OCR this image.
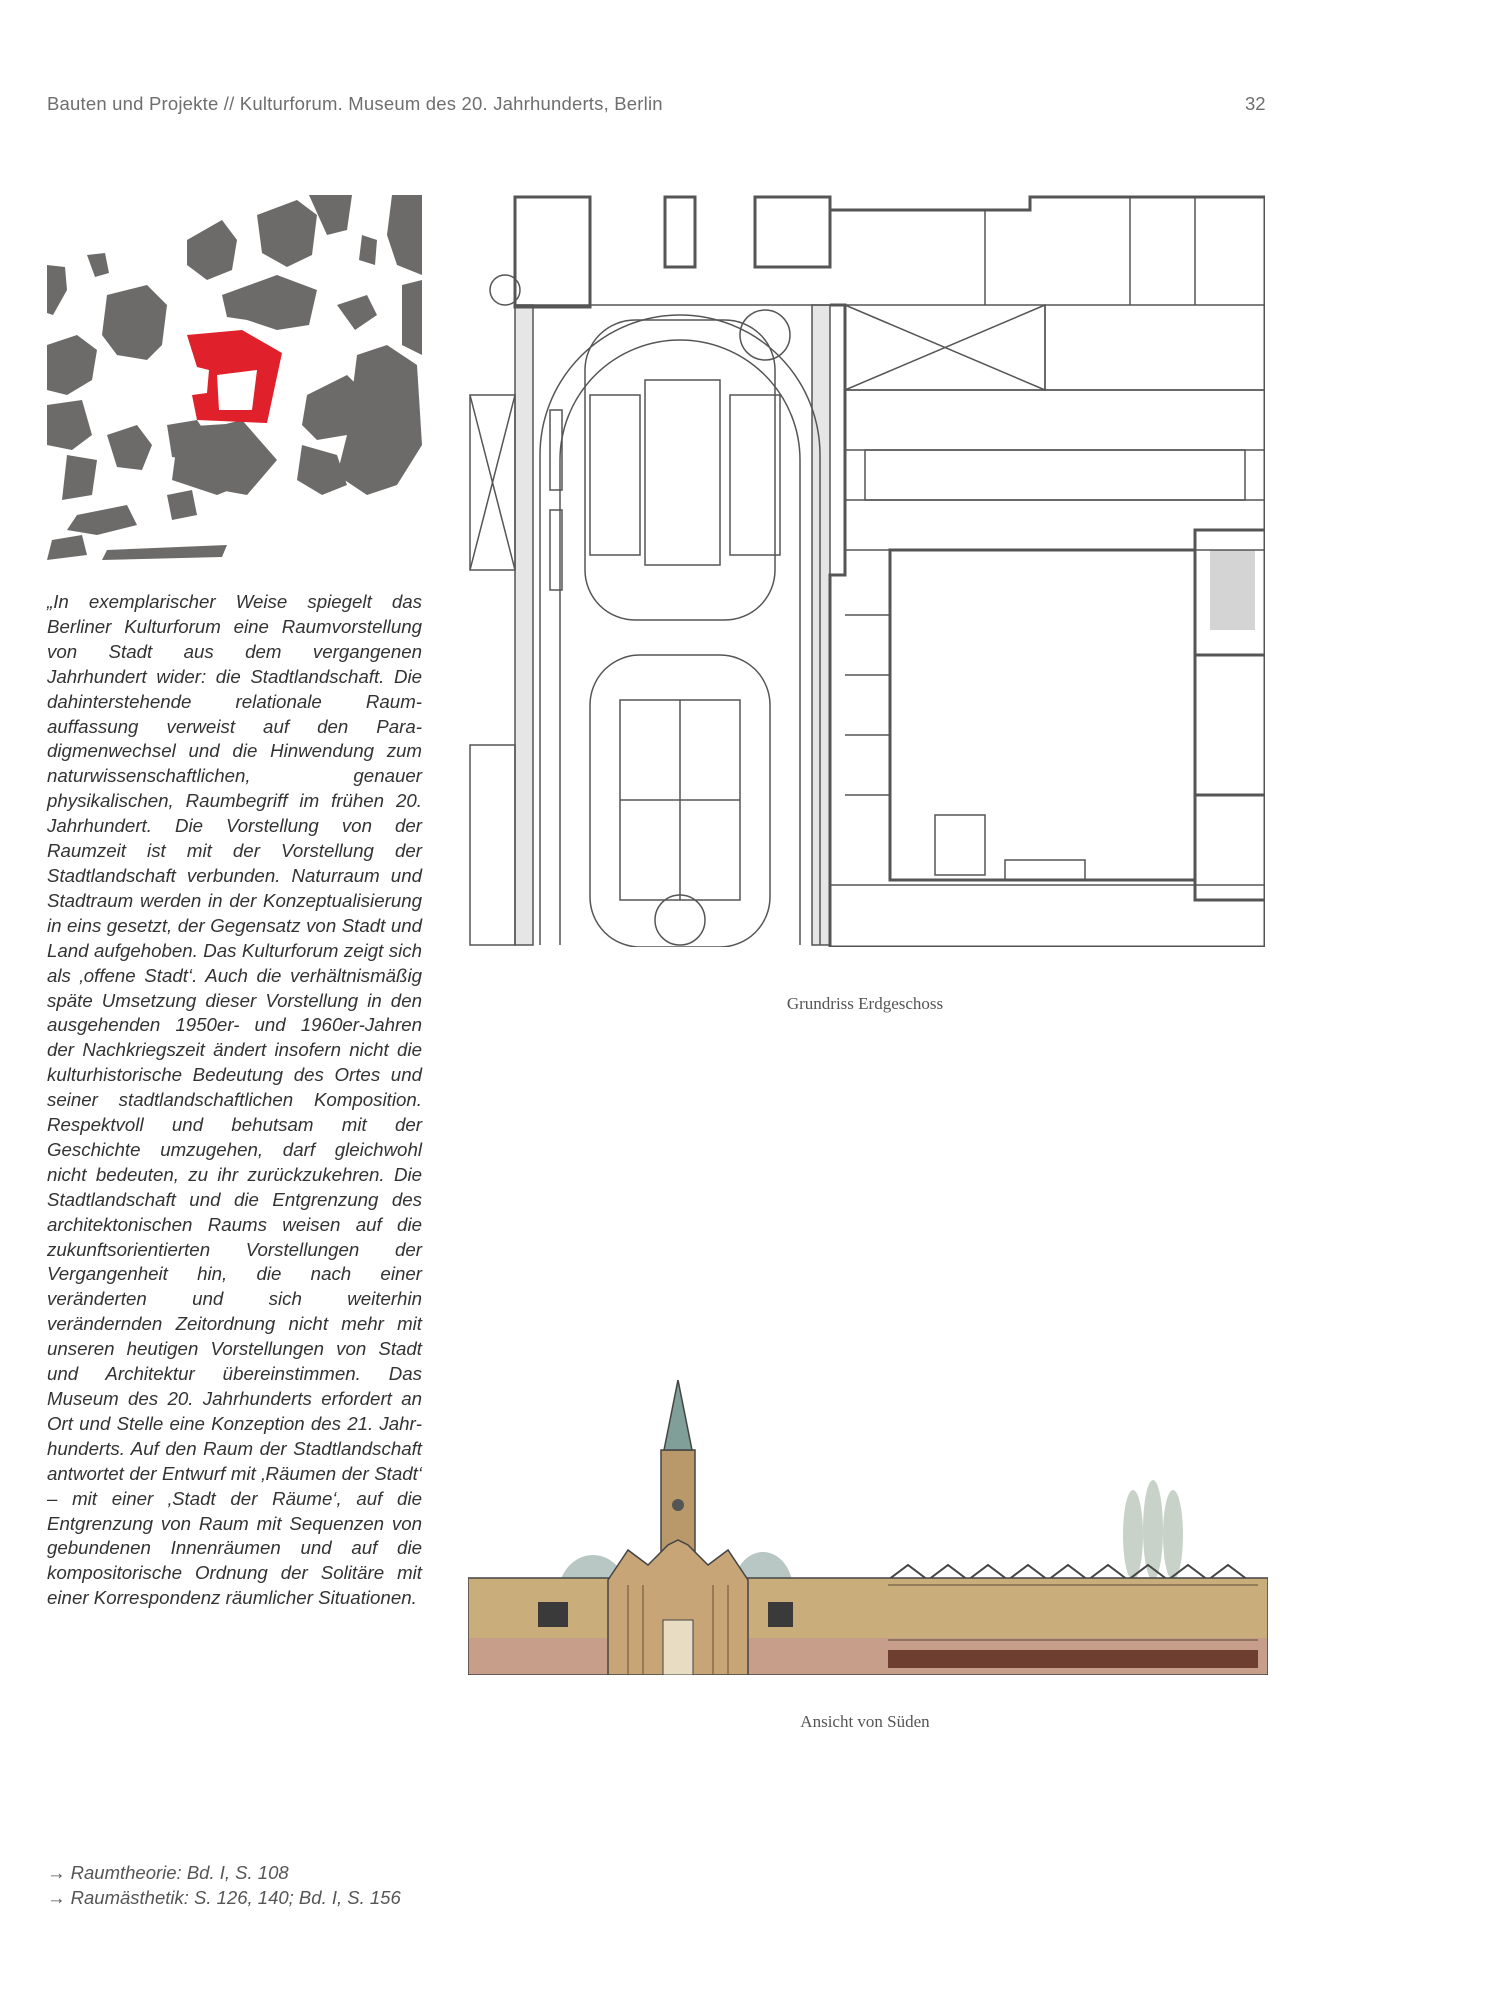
Bauten und Projekte // Kulturforum. Museum des 20. Jahrhunderts, Berlin	32
„In exemplarischer Weise spiegelt das Berliner Kulturforum eine Raumvorstellung von Stadt aus dem vergangenen Jahrhundert wider: die Stadtlandschaft. Die dahinterstehende relationale Raumauffassung verweist auf den Paradigmenwechsel und die Hinwendung zum naturwissenschaftlichen, genauer physikalischen, Raumbegriff im frühen 20. Jahrhundert. Die Vorstellung von der Raumzeit ist mit der Vorstellung der Stadtlandschaft verbunden. Naturraum und Stadtraum werden in der Konzeptualisierung in eins gesetzt, der Gegensatz von Stadt und Land aufgehoben. Das Kulturforum zeigt sich als ‚offene Stadt‘. Auch die verhältnismäßig späte Umsetzung dieser Vorstellung in den ausgehenden 1950er- und 1960er-Jahren der Nachkriegszeit ändert insofern nicht die kulturhistorische Bedeutung des Ortes und seiner stadtlandschaftlichen Komposition. Respektvoll und behutsam mit der Geschichte umzugehen, darf gleichwohl nicht bedeuten, zu ihr zurückzukehren. Die Stadtlandschaft und die Entgrenzung des architektonischen Raums weisen auf die zukunftsorientierten Vorstellungen der Vergangenheit hin, die nach einer veränderten und sich weiterhin verändernden Zeitordnung nicht mehr mit unseren heutigen Vorstellungen von Stadt und Architektur übereinstimmen. Das Museum des 20. Jahrhunderts erfordert an Ort und Stelle eine Konzeption des 21. Jahrhunderts. Auf den Raum der Stadtlandschaft antwortet der Entwurf mit ‚Räumen der Stadt‘ – mit einer ‚Stadt der Räume‘, auf die Entgrenzung von Raum mit Sequenzen von gebundenen Innenräumen und auf die kompositorische Ordnung der Solitäre mit einer Korrespondenz räumlicher Situationen.
Grundriss Erdgeschoss
Ansicht von Süden
→ Raumtheorie: Bd. I, S. 108
→ Raumästhetik: S. 126, 140; Bd. I, S. 156
